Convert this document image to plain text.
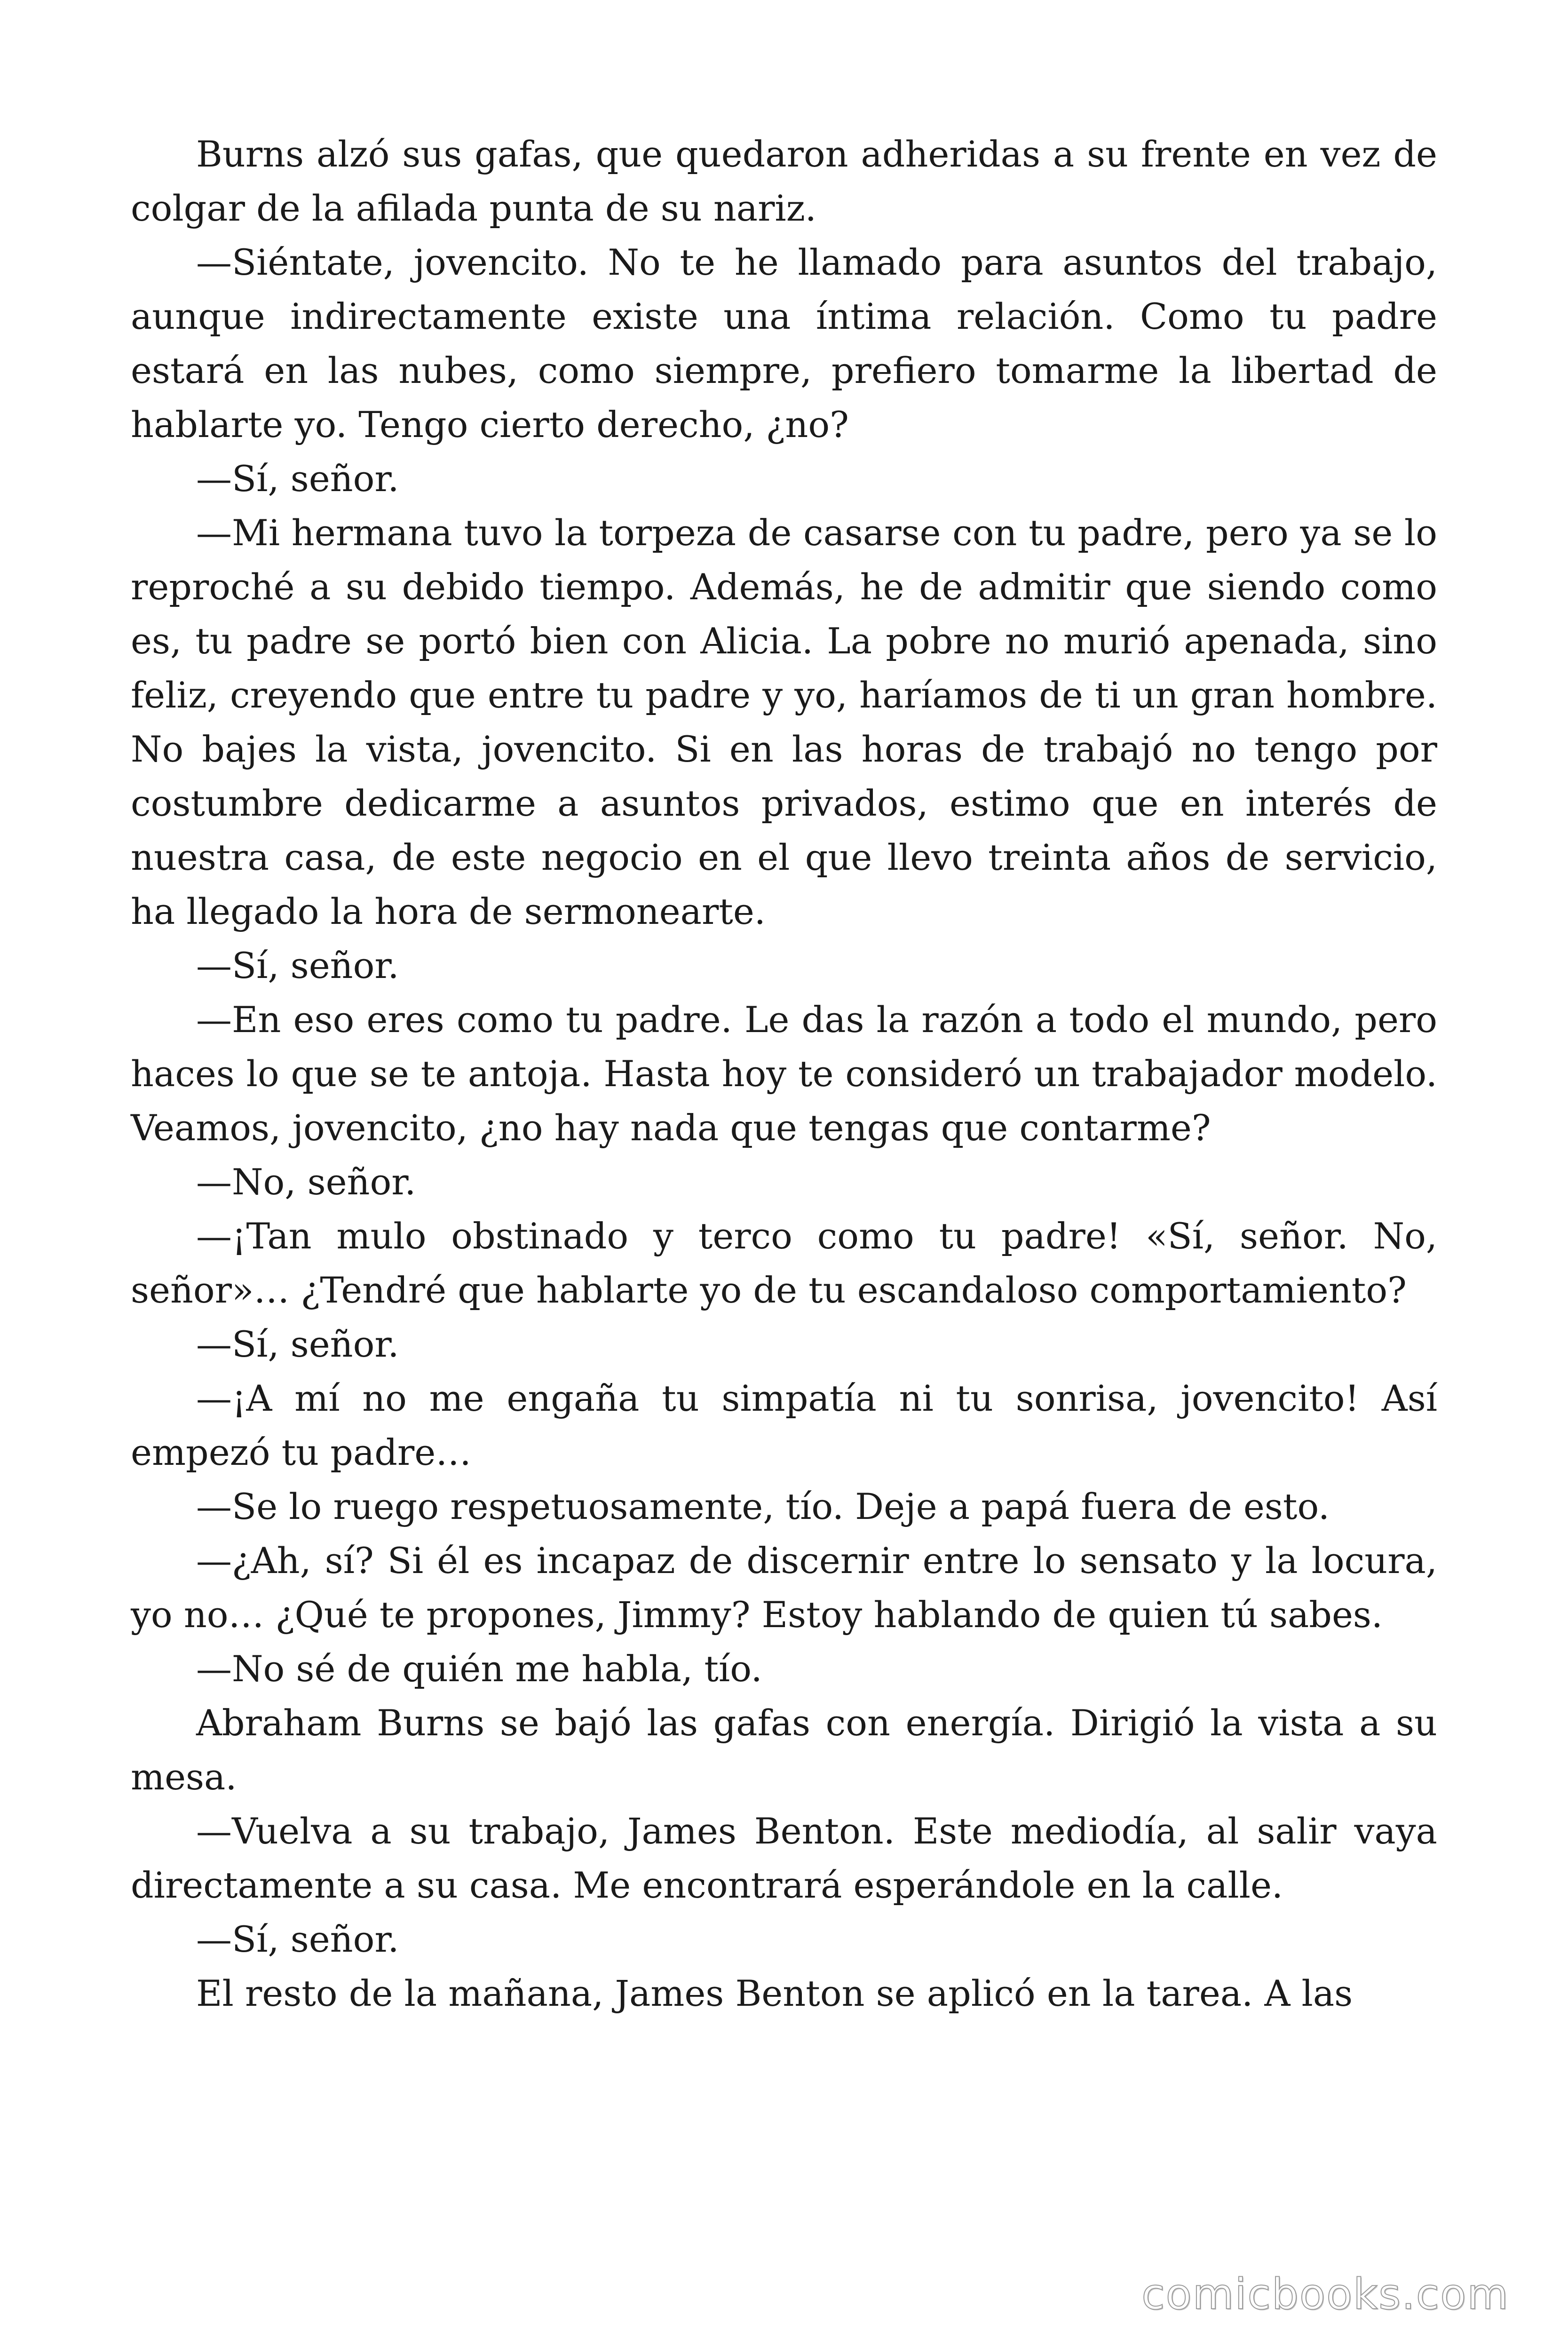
Burns alzó sus gafas, que quedaron adheridas a su frente en vez de colgar de la afilada punta de su nariz.

—Siéntate, jovencito. No te he llamado para asuntos del trabajo, aunque indirectamente existe una íntima relación. Como tu padre estará en las nubes, como siempre, prefiero tomarme la libertad de hablarte yo. Tengo cierto derecho, ¿no?

—Sí, señor.

—Mi hermana tuvo la torpeza de casarse con tu padre, pero ya se lo reproché a su debido tiempo. Además, he de admitir que siendo como es, tu padre se portó bien con Alicia. La pobre no murió apenada, sino feliz, creyendo que entre tu padre y yo, haríamos de ti un gran hombre. No bajes la vista, jovencito. Si en las horas de trabajó no tengo por costumbre dedicarme a asuntos privados, estimo que en interés de nuestra casa, de este negocio en el que llevo treinta años de servicio, ha llegado la hora de sermonearte.

—Sí, señor.

—En eso eres como tu padre. Le das la razón a todo el mundo, pero haces lo que se te antoja. Hasta hoy te consideró un trabajador modelo. Veamos, jovencito, ¿no hay nada que tengas que contarme?

—No, señor.

—¡Tan mulo obstinado y terco como tu padre! «Sí, señor. No, señor»… ¿Tendré que hablarte yo de tu escandaloso comportamiento?

—Sí, señor.

—¡A mí no me engaña tu simpatía ni tu sonrisa, jovencito! Así empezó tu padre…

—Se lo ruego respetuosamente, tío. Deje a papá fuera de esto.

—¿Ah, sí? Si él es incapaz de discernir entre lo sensato y la locura, yo no… ¿Qué te propones, Jimmy? Estoy hablando de quien tú sabes.

—No sé de quién me habla, tío.

Abraham Burns se bajó las gafas con energía. Dirigió la vista a su mesa.

—Vuelva a su trabajo, James Benton. Este mediodía, al salir vaya directamente a su casa. Me encontrará esperándole en la calle.

—Sí, señor.

El resto de la mañana, James Benton se aplicó en la tarea. A las

comicbooks.com
